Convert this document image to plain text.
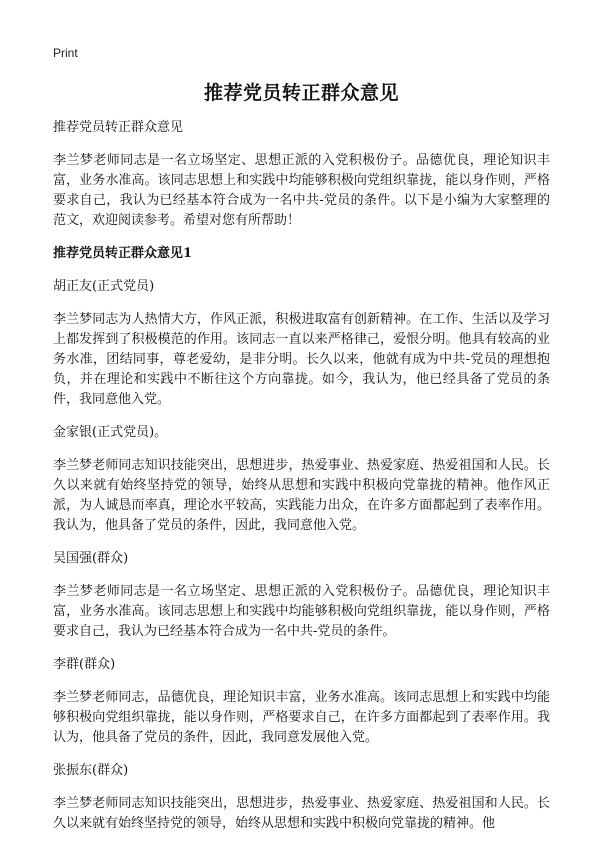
Print
推荐党员转正群众意见
推荐党员转正群众意见

李兰梦老师同志是一名立场坚定、思想正派的入党积极份子。品德优良，理论知识丰富，业务水准高。该同志思想上和实践中均能够积极向党组织靠拢，能以身作则，严格要求自己，我认为已经基本符合成为一名中共-党员的条件。以下是小编为大家整理的范文，欢迎阅读参考。希望对您有所帮助！

推荐党员转正群众意见1
胡正友(正式党员)

李兰梦同志为人热情大方，作风正派，积极进取富有创新精神。在工作、生活以及学习上都发挥到了积极模范的作用。该同志一直以来严格律己，爱恨分明。他具有较高的业务水准，团结同事，尊老爱幼，是非分明。长久以来，他就有成为中共-党员的理想抱负，并在理论和实践中不断往这个方向靠拢。如今，我认为，他已经具备了党员的条件，我同意他入党。

金家银(正式党员)。

李兰梦老师同志知识技能突出，思想进步，热爱事业、热爱家庭、热爱祖国和人民。长久以来就有始终坚持党的领导，始终从思想和实践中积极向党靠拢的精神。他作风正派，为人诚恳而率真，理论水平较高，实践能力出众，在许多方面都起到了表率作用。我认为，他具备了党员的条件，因此，我同意他入党。

吴国强(群众)

李兰梦老师同志是一名立场坚定、思想正派的入党积极份子。品德优良，理论知识丰富，业务水准高。该同志思想上和实践中均能够积极向党组织靠拢，能以身作则，严格要求自己，我认为已经基本符合成为一名中共-党员的条件。

李群(群众)

李兰梦老师同志，品德优良，理论知识丰富，业务水准高。该同志思想上和实践中均能够积极向党组织靠拢，能以身作则，严格要求自己，在许多方面都起到了表率作用。我认为，他具备了党员的条件，因此，我同意发展他入党。

张振东(群众)

李兰梦老师同志知识技能突出，思想进步，热爱事业、热爱家庭、热爱祖国和人民。长久以来就有始终坚持党的领导，始终从思想和实践中积极向党靠拢的精神。他
